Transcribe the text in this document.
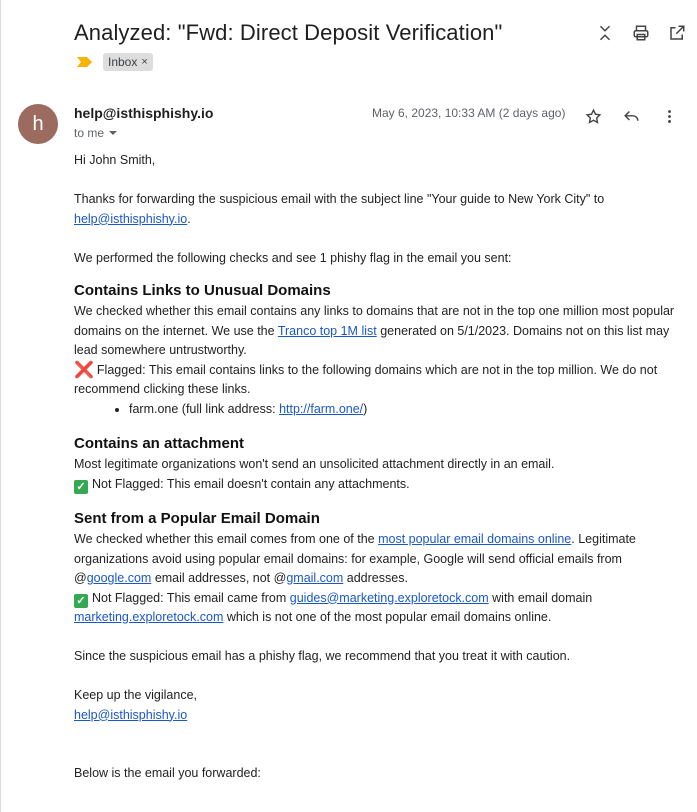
Analyzed: "Fwd: Direct Deposit Verification"
Inbox ×
h	help@isthisphishy.io
to me
May 6, 2023, 10:33 AM (2 days ago)

Hi John Smith,

Thanks for forwarding the suspicious email with the subject line "Your guide to New York City" to help@isthisphishy.io.

We performed the following checks and see 1 phishy flag in the email you sent:

Contains Links to Unusual Domains

We checked whether this email contains any links to domains that are not in the top one million most popular domains on the internet. We use the Tranco top 1M list generated on 5/1/2023. Domains not on this list may lead somewhere untrustworthy.

❌ Flagged: This email contains links to the following domains which are not in the top million. We do not recommend clicking these links.

• farm.one (full link address: http://farm.one/)
Contains an attachment

Most legitimate organizations won't send an unsolicited attachment directly in an email.

✓ Not Flagged: This email doesn't contain any attachments.

Sent from a Popular Email Domain

We checked whether this email comes from one of the most popular email domains online. Legitimate organizations avoid using popular email domains: for example, Google will send official emails from @google.com email addresses, not @gmail.com addresses.

✓ Not Flagged: This email came from guides@marketing.exploretock.com with email domain marketing.exploretock.com which is not one of the most popular email domains online.

Since the suspicious email has a phishy flag, we recommend that you treat it with caution.

Keep up the vigilance,

help@isthisphishy.io

Below is the email you forwarded:
